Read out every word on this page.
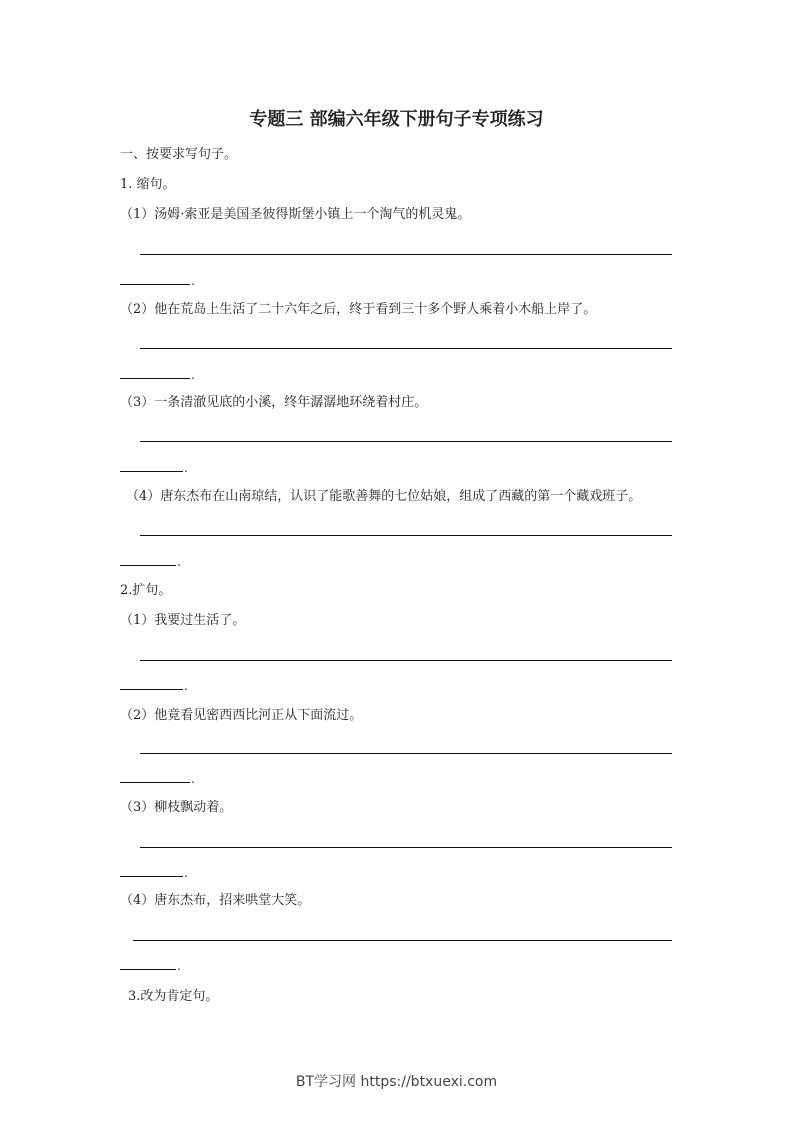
专题三 部编六年级下册句子专项练习
一、按要求写句子。
1. 缩句。
（1）汤姆·索亚是美国圣彼得斯堡小镇上一个淘气的机灵鬼。
.
（2）他在荒岛上生活了二十六年之后，终于看到三十多个野人乘着小木船上岸了。
.
（3）一条清澈见底的小溪，终年潺潺地环绕着村庄。
.
（4）唐东杰布在山南琼结，认识了能歌善舞的七位姑娘，组成了西藏的第一个藏戏班子。
.
2.扩句。
（1）我要过生活了。
.
（2）他竟看见密西西比河正从下面流过。
.
（3）柳枝飘动着。
.
（4）唐东杰布，招来哄堂大笑。
.
3.改为肯定句。
BT学习网 https://btxuexi.com
